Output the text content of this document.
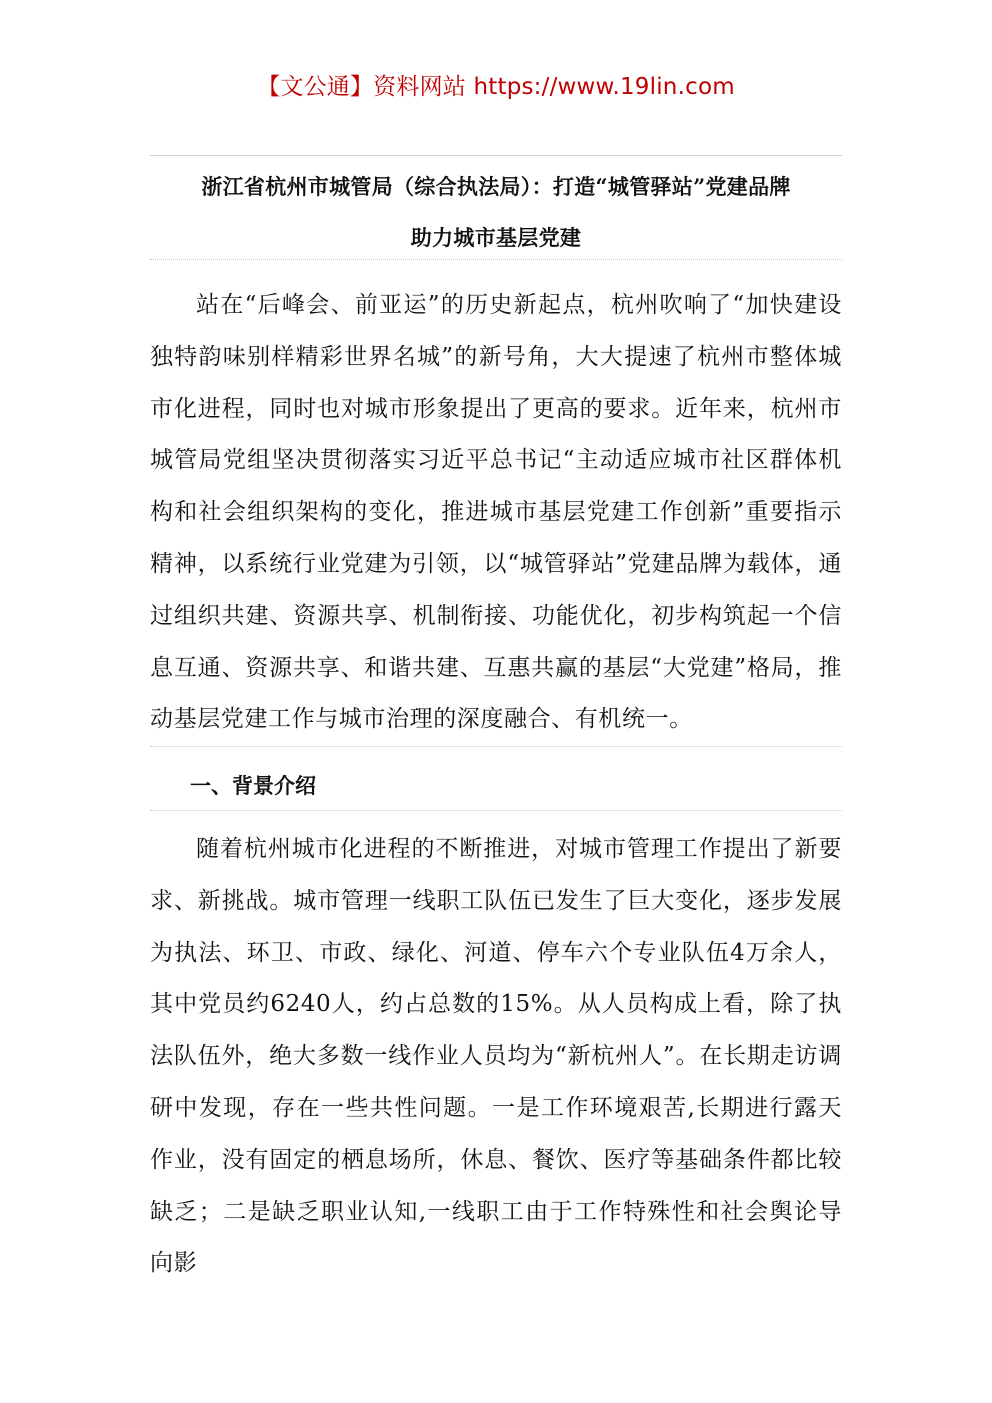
【文公通】资料网站 https://www.19lin.com
浙江省杭州市城管局（综合执法局）：打造“城管驿站”党建品牌
助力城市基层党建

站在“后峰会、前亚运”的历史新起点，杭州吹响了“加快建设独特韵味别样精彩世界名城”的新号角，大大提速了杭州市整体城市化进程，同时也对城市形象提出了更高的要求。近年来，杭州市城管局党组坚决贯彻落实习近平总书记“主动适应城市社区群体机构和社会组织架构的变化，推进城市基层党建工作创新”重要指示精神，以系统行业党建为引领，以“城管驿站”党建品牌为载体，通过组织共建、资源共享、机制衔接、功能优化，初步构筑起一个信息互通、资源共享、和谐共建、互惠共赢的基层“大党建”格局，推动基层党建工作与城市治理的深度融合、有机统一。

一、背景介绍

随着杭州城市化进程的不断推进，对城市管理工作提出了新要求、新挑战。城市管理一线职工队伍已发生了巨大变化，逐步发展为执法、环卫、市政、绿化、河道、停车六个专业队伍4万余人，其中党员约6240人，约占总数的15%。从人员构成上看，除了执法队伍外，绝大多数一线作业人员均为“新杭州人”。在长期走访调研中发现，存在一些共性问题。一是工作环境艰苦,长期进行露天作业，没有固定的栖息场所，休息、餐饮、医疗等基础条件都比较缺乏；二是缺乏职业认知,一线职工由于工作特殊性和社会舆论导向影
